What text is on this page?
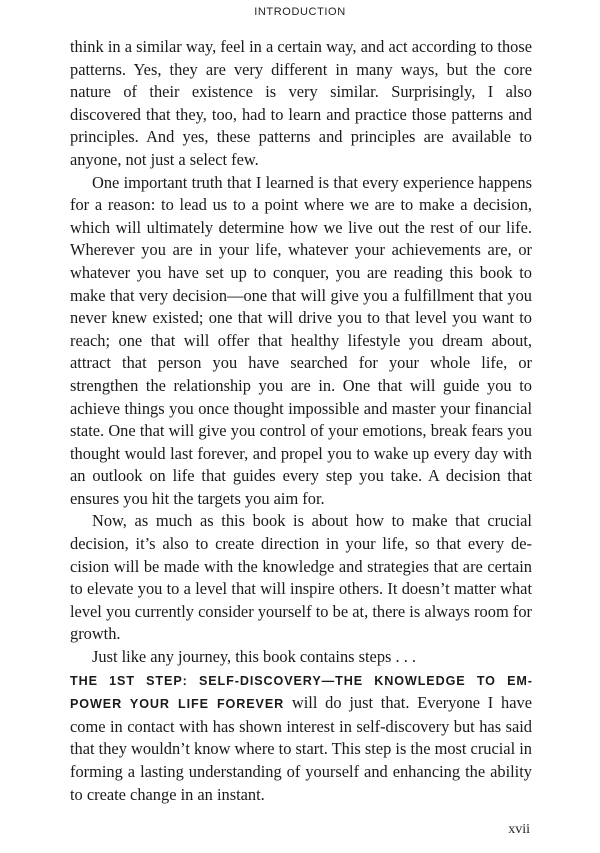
INTRODUCTION

think in a similar way, feel in a certain way, and act according to those patterns. Yes, they are very different in many ways, but the core nature of their existence is very similar. Surprisingly, I also discovered that they, too, had to learn and practice those patterns and principles. And yes, these patterns and principles are available to anyone, not just a select few.

One important truth that I learned is that every experience happens for a reason: to lead us to a point where we are to make a decision, which will ultimately determine how we live out the rest of our life. Wherever you are in your life, whatever your achievements are, or whatever you have set up to conquer, you are reading this book to make that very decision—one that will give you a fulfillment that you never knew existed; one that will drive you to that level you want to reach; one that will offer that healthy lifestyle you dream about, attract that person you have searched for your whole life, or strengthen the relationship you are in. One that will guide you to achieve things you once thought impossible and master your financial state. One that will give you control of your emotions, break fears you thought would last forever, and propel you to wake up every day with an outlook on life that guides every step you take. A decision that ensures you hit the targets you aim for.

Now, as much as this book is about how to make that crucial decision, it’s also to create direction in your life, so that every decision will be made with the knowledge and strategies that are certain to elevate you to a level that will inspire others. It doesn’t matter what level you currently consider yourself to be at, there is always room for growth.

Just like any journey, this book contains steps . . .

THE 1ST STEP: SELF-DISCOVERY—THE KNOWLEDGE TO EMPOWER YOUR LIFE FOREVER will do just that. Everyone I have come in contact with has shown interest in self-discovery but has said that they wouldn’t know where to start. This step is the most crucial in forming a lasting understanding of yourself and enhancing the ability to create change in an instant.

xvii
